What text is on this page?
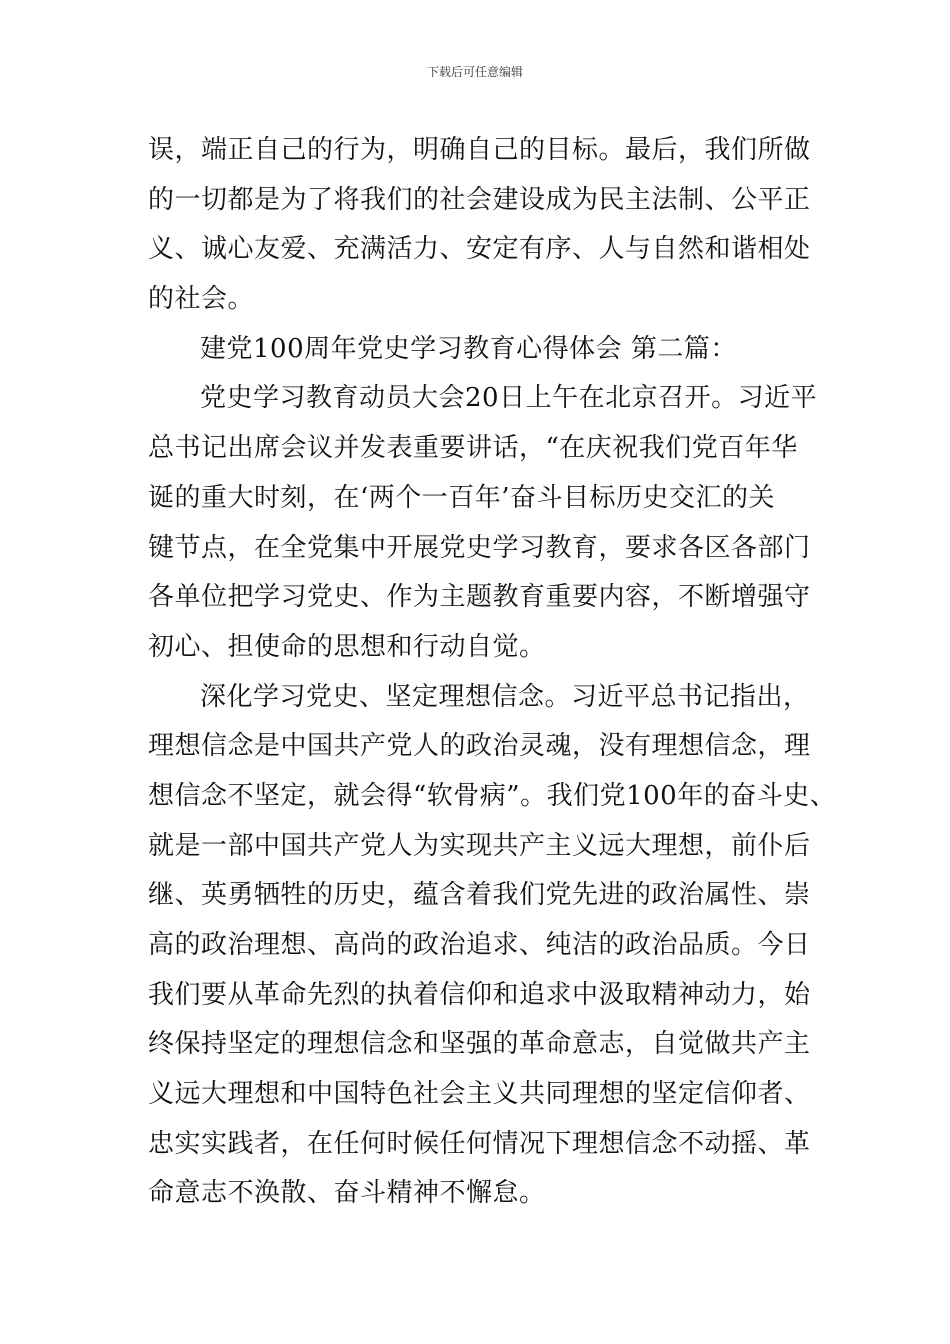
下载后可任意编辑
误，端正自己的行为，明确自己的目标。最后，我们所做
的一切都是为了将我们的社会建设成为民主法制、公平正
义、诚心友爱、充满活力、安定有序、人与自然和谐相处
的社会。
建党100周年党史学习教育心得体会 第二篇：
党史学习教育动员大会20日上午在北京召开。习近平
总书记出席会议并发表重要讲话，“在庆祝我们党百年华
诞的重大时刻，在‘两个一百年’奋斗目标历史交汇的关
键节点，在全党集中开展党史学习教育，要求各区各部门
各单位把学习党史、作为主题教育重要内容，不断增强守
初心、担使命的思想和行动自觉。
深化学习党史、坚定理想信念。习近平总书记指出，
理想信念是中国共产党人的政治灵魂，没有理想信念，理
想信念不坚定，就会得“软骨病”。我们党100年的奋斗史、
就是一部中国共产党人为实现共产主义远大理想，前仆后
继、英勇牺牲的历史，蕴含着我们党先进的政治属性、崇
高的政治理想、高尚的政治追求、纯洁的政治品质。今日
我们要从革命先烈的执着信仰和追求中汲取精神动力，始
终保持坚定的理想信念和坚强的革命意志，自觉做共产主
义远大理想和中国特色社会主义共同理想的坚定信仰者、
忠实实践者，在任何时候任何情况下理想信念不动摇、革
命意志不涣散、奋斗精神不懈怠。
